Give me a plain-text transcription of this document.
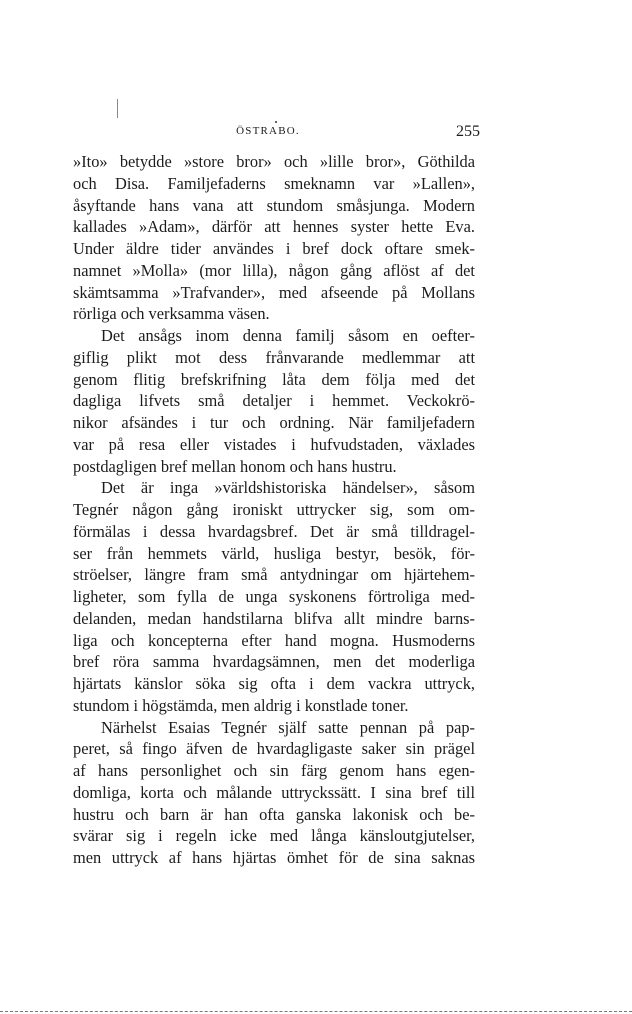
ÖSTRABO.	255
»Ito» betydde »store bror» och »lille bror», Göthilda
och Disa. Familjefaderns smeknamn var »Lallen»,
åsyftande hans vana att stundom småsjunga. Modern
kallades »Adam», därför att hennes syster hette Eva.
Under äldre tider användes i bref dock oftare smek-
namnet »Molla» (mor lilla), någon gång aflöst af det
skämtsamma »Trafvander», med afseende på Mollans
rörliga och verksamma väsen.
Det ansågs inom denna familj såsom en oefter-
giflig plikt mot dess frånvarande medlemmar att
genom flitig brefskrifning låta dem följa med det
dagliga lifvets små detaljer i hemmet. Veckokrö-
nikor afsändes i tur och ordning. När familjefadern
var på resa eller vistades i hufvudstaden, växlades
postdagligen bref mellan honom och hans hustru.
Det är inga »världshistoriska händelser», såsom
Tegnér någon gång ironiskt uttrycker sig, som om-
förmälas i dessa hvardagsbref. Det är små tilldragel-
ser från hemmets värld, husliga bestyr, besök, för-
ströelser, längre fram små antydningar om hjärtehem-
ligheter, som fylla de unga syskonens förtroliga med-
delanden, medan handstilarna blifva allt mindre barns-
liga och koncepterna efter hand mogna. Husmoderns
bref röra samma hvardagsämnen, men det moderliga
hjärtats känslor söka sig ofta i dem vackra uttryck,
stundom i högstämda, men aldrig i konstlade toner.
Närhelst Esaias Tegnér själf satte pennan på pap-
peret, så fingo äfven de hvardagligaste saker sin prägel
af hans personlighet och sin färg genom hans egen-
domliga, korta och målande uttryckssätt. I sina bref till
hustru och barn är han ofta ganska lakonisk och be-
svärar sig i regeln icke med långa känsloutgjutelser,
men uttryck af hans hjärtas ömhet för de sina saknas
